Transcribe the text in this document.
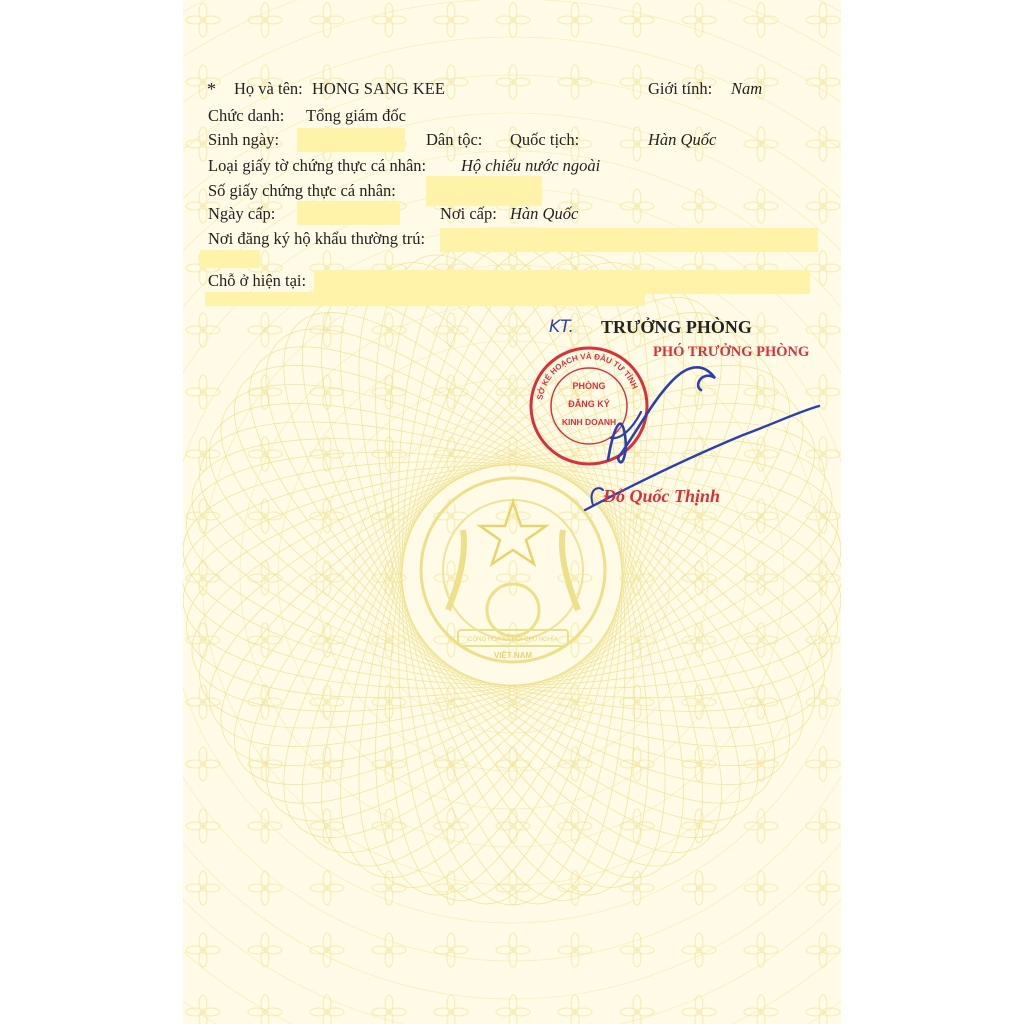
CỘNG HÒA XÃ HỘI CHỦ NGHĨA
VIỆT NAM
* Họ và tên: HONG SANG KEE	Giới tính: Nam
Chức danh: Tổng giám đốc
Sinh ngày:	Dân tộc: Quốc tịch:	Hàn Quốc
Loại giấy tờ chứng thực cá nhân: Hộ chiếu nước ngoài
Số giấy chứng thực cá nhân:
Ngày cấp:	Nơi cấp: Hàn Quốc
Nơi đăng ký hộ khẩu thường trú:
Chỗ ở hiện tại:
KT. TRƯỞNG PHÒNG
PHÓ TRƯỞNG PHÒNG
SỞ KẾ HOẠCH VÀ ĐẦU TƯ TỈNH
PHÒNG
ĐĂNG KÝ
KINH DOANH
Đỗ Quốc Thịnh
